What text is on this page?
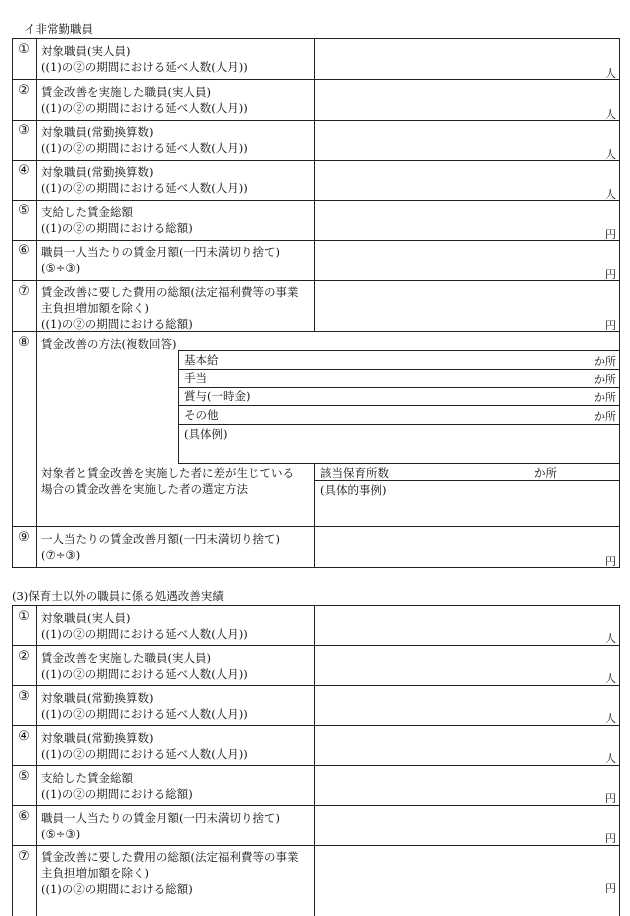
イ非常勤職員
① 対象職員(実人員)
((1)の②の期間における延べ人数(人月))	人
② 賃金改善を実施した職員(実人員)
((1)の②の期間における延べ人数(人月))	人
③ 対象職員(常勤換算数)
((1)の②の期間における延べ人数(人月))	人
④ 対象職員(常勤換算数)
((1)の②の期間における延べ人数(人月))	人
⑤ 支給した賃金総額
((1)の②の期間における総額)	円
⑥ 職員一人当たりの賃金月額(一円未満切り捨て)
(⑤÷③)	円
⑦ 賃金改善に要した費用の総額(法定福利費等の事業
主負担増加額を除く)
((1)の②の期間における総額)	円
⑧ 賃金改善の方法(複数回答)
基本給	か所
手当	か所
賞与(一時金)	か所
その他	か所
(具体例)
対象者と賃金改善を実施した者に差が生じている
場合の賃金改善を実施した者の選定方法
該当保育所数	か所
(具体的事例)
⑨ 一人当たりの賃金改善月額(一円未満切り捨て)
(⑦÷③)	円
(3)保育士以外の職員に係る処遇改善実績
① 対象職員(実人員)
((1)の②の期間における延べ人数(人月))	人
② 賃金改善を実施した職員(実人員)
((1)の②の期間における延べ人数(人月))	人
③ 対象職員(常勤換算数)
((1)の②の期間における延べ人数(人月))	人
④ 対象職員(常勤換算数)
((1)の②の期間における延べ人数(人月))	人
⑤ 支給した賃金総額
((1)の②の期間における総額)	円
⑥ 職員一人当たりの賃金月額(一円未満切り捨て)
(⑤÷③)	円
⑦ 賃金改善に要した費用の総額(法定福利費等の事業
主負担増加額を除く)
((1)の②の期間における総額)	円
